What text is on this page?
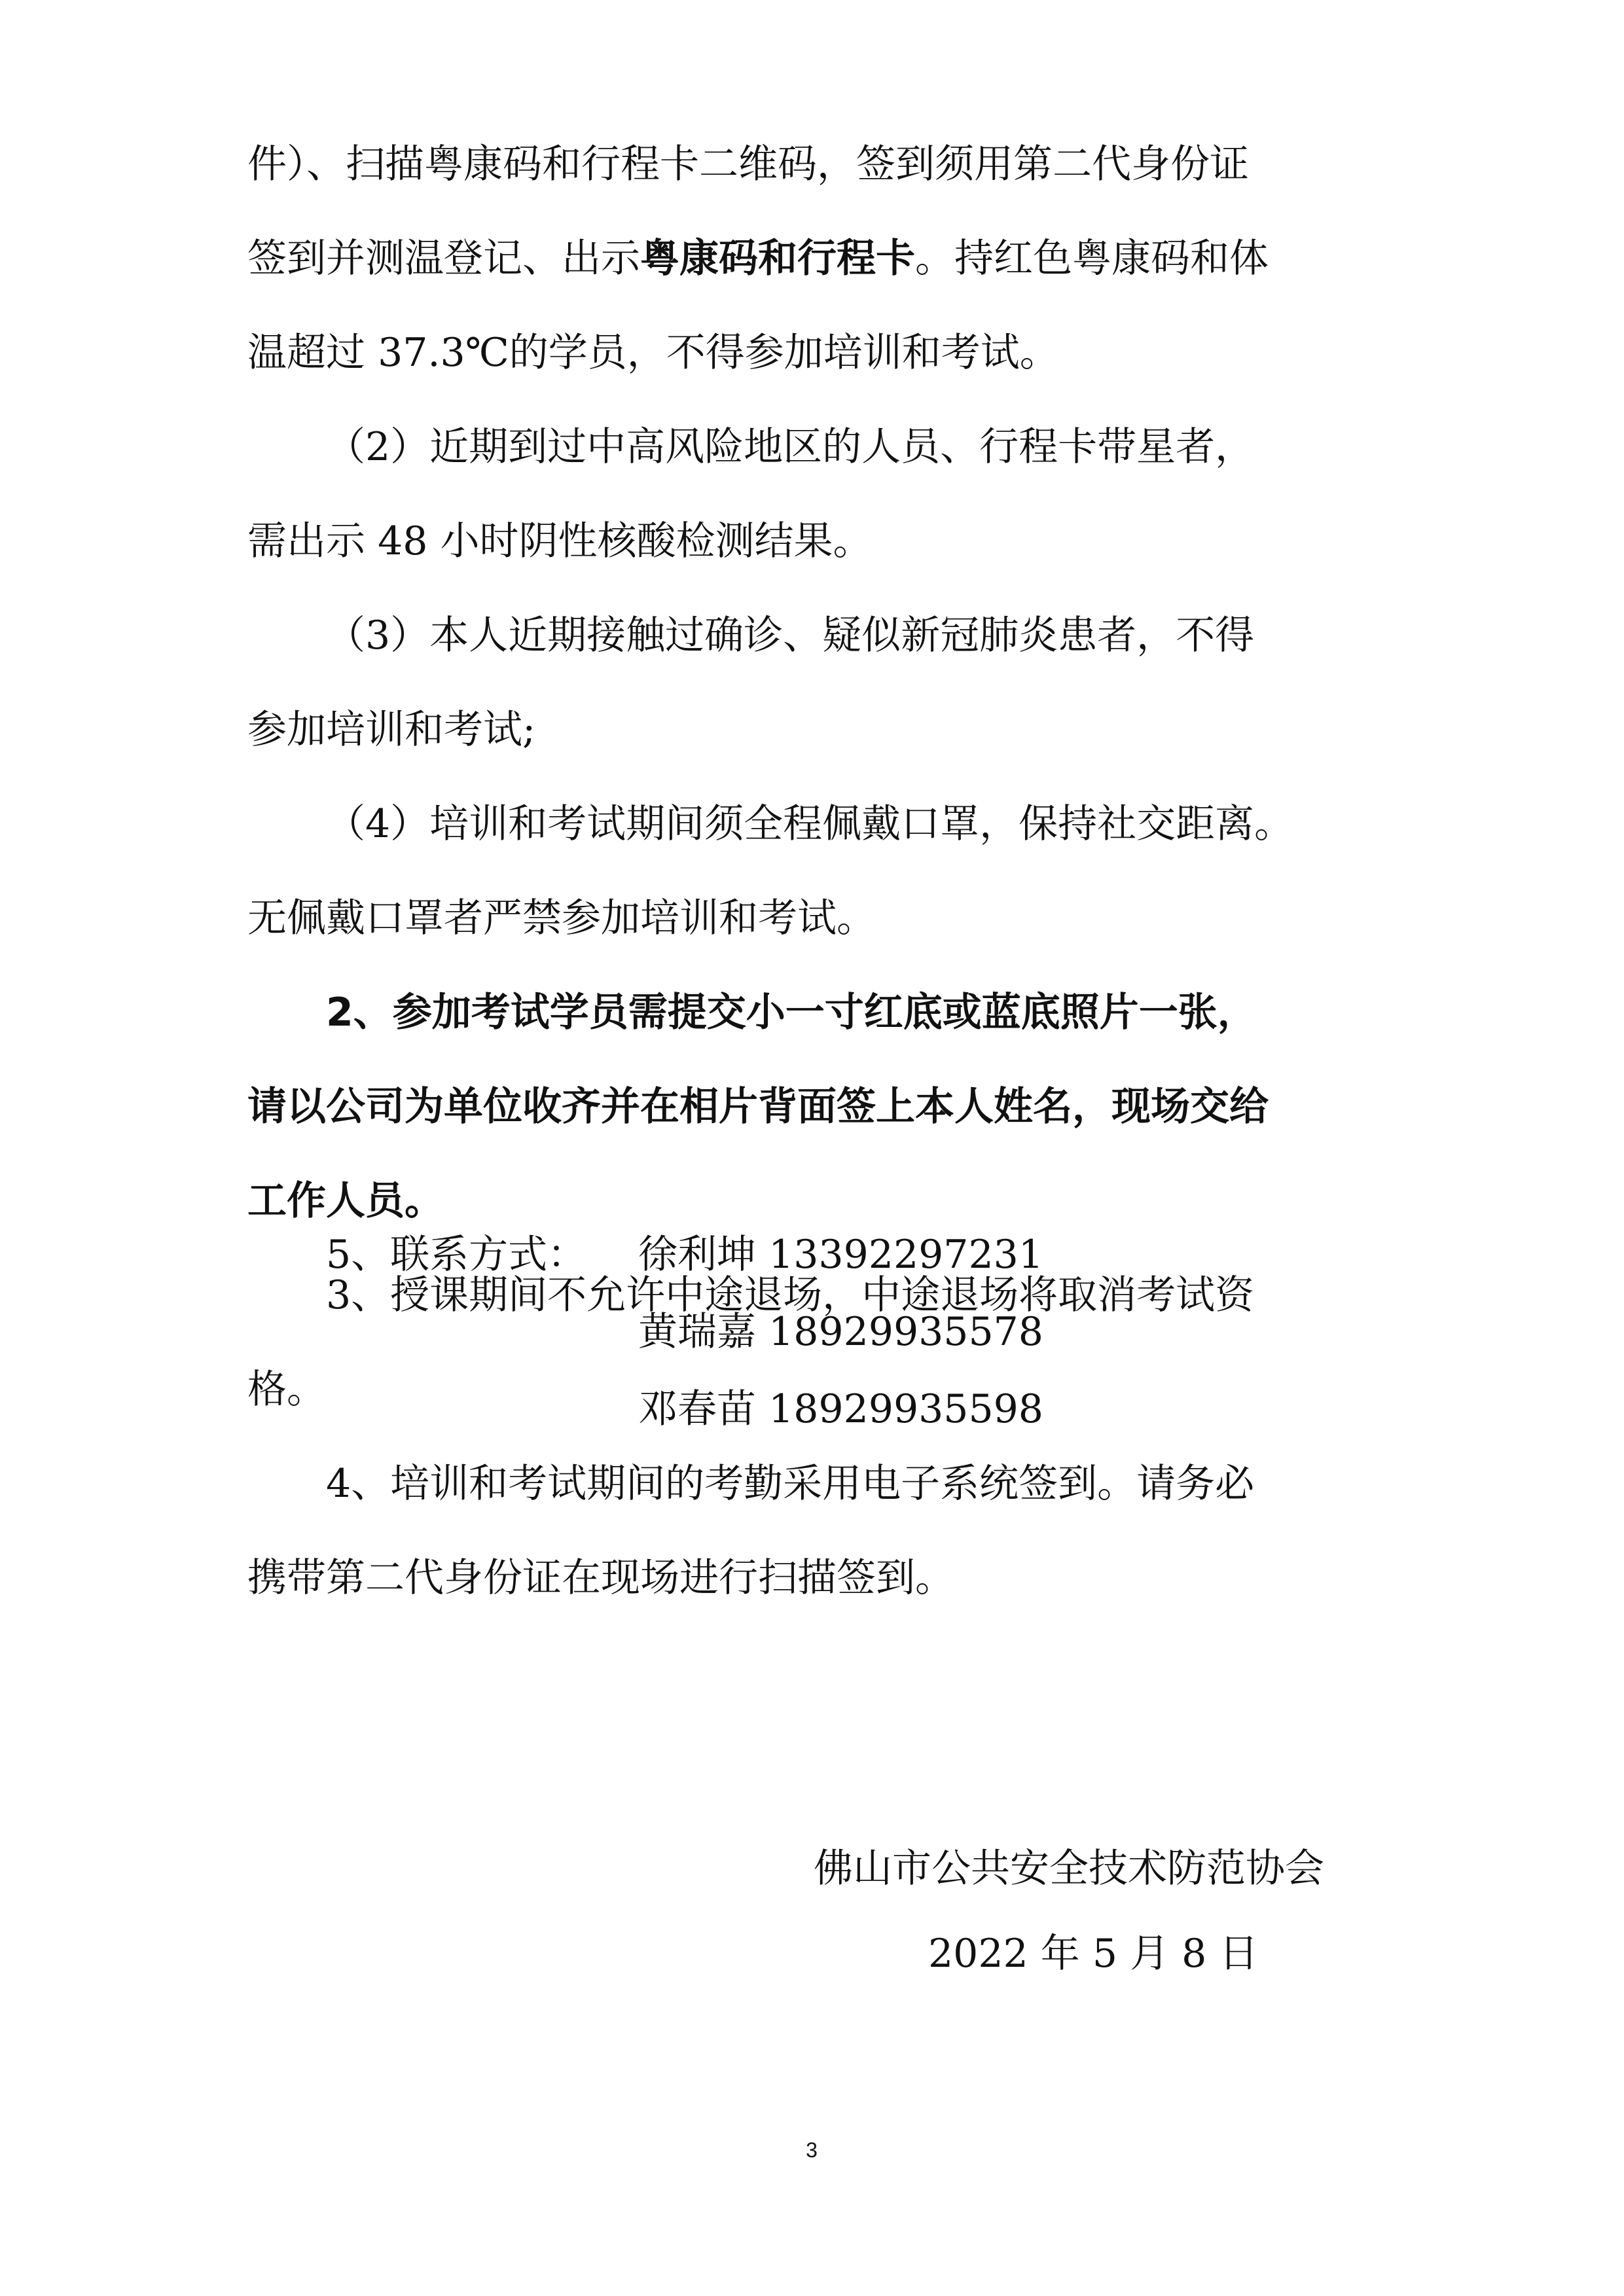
件）、扫描粤康码和行程卡二维码，签到须用第二代身份证
签到并测温登记、出示粤康码和行程卡。持红色粤康码和体
温超过 37.3℃的学员，不得参加培训和考试。
（2）近期到过中高风险地区的人员、行程卡带星者，
需出示 48 小时阴性核酸检测结果。
（3）本人近期接触过确诊、疑似新冠肺炎患者，不得
参加培训和考试;
（4）培训和考试期间须全程佩戴口罩，保持社交距离。
无佩戴口罩者严禁参加培训和考试。
2、参加考试学员需提交小一寸红底或蓝底照片一张，
请以公司为单位收齐并在相片背面签上本人姓名，现场交给
工作人员。
3、授课期间不允许中途退场，中途退场将取消考试资
格。
4、培训和考试期间的考勤采用电子系统签到。请务必
携带第二代身份证在现场进行扫描签到。
5、联系方式： 徐利坤 13392297231
黄瑞嘉 18929935578
邓春苗 18929935598
佛山市公共安全技术防范协会
2022 年 5 月 8 日
3
